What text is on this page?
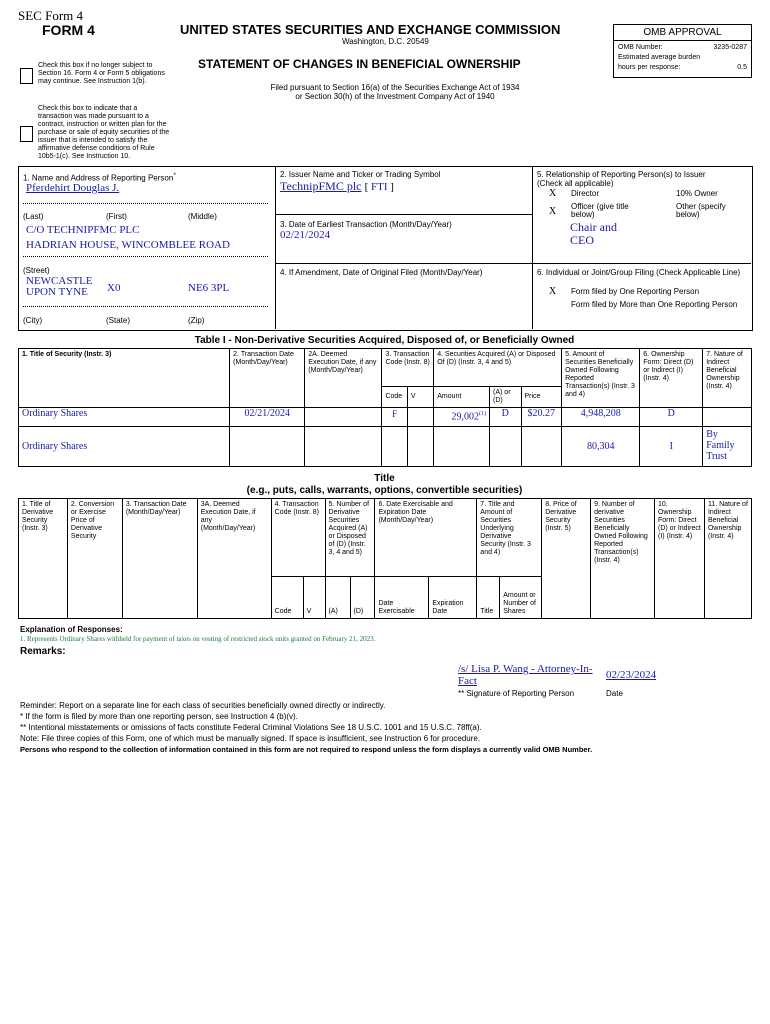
SEC Form 4
FORM 4	UNITED STATES SECURITIES AND EXCHANGE COMMISSION
Washington, D.C. 20549
STATEMENT OF CHANGES IN BENEFICIAL OWNERSHIP
Filed pursuant to Section 16(a) of the Securities Exchange Act of 1934
or Section 30(h) of the Investment Company Act of 1940
Check this box if no longer subject to Section 16. Form 4 or Form 5 obligations may continue. See Instruction 1(b).
Check this box to indicate that a transaction was made pursuant to a contract, instruction or written plan for the purchase or sale of equity securities of the issuer that is intended to satisfy the affirmative defense conditions of Rule 10b5-1(c). See Instruction 10.
OMB APPROVAL
OMB Number:	3235-0287
Estimated average burden
hours per response:	0.5
1. Name and Address of Reporting Person*
Pferdehirt Douglas J.
(Last)	(First)	(Middle)
C/O TECHNIPFMC PLC
HADRIAN HOUSE, WINCOMBLEE ROAD
(Street)
NEWCASTLE UPON TYNE	X0	NE6 3PL
(City)	(State)	(Zip)
2. Issuer Name and Ticker or Trading Symbol
TechnipFMC plc [ FTI ]
3. Date of Earliest Transaction (Month/Day/Year)
02/21/2024
4. If Amendment, Date of Original Filed (Month/Day/Year)
5. Relationship of Reporting Person(s) to Issuer
(Check all applicable)
X Director	10% Owner
X Officer (give title below)
Other (specify below)
Chair and CEO
6. Individual or Joint/Group Filing (Check Applicable Line)
X Form filed by One Reporting Person
Form filed by More than One Reporting Person
Table I - Non-Derivative Securities Acquired, Disposed of, or Beneficially Owned
1. Title of Security (Instr. 3)	2. Transaction Date (Month/Day/Year)	2A. Deemed Execution Date, if any (Month/Day/Year)	3. Transaction Code (Instr. 8)		4. Securities Acquired (A) or Disposed Of (D) (Instr. 3, 4 and 5)			5. Amount of Securities Beneficially Owned Following Reported Transaction(s) (Instr. 3 and 4)	6. Ownership Form: Direct (D) or Indirect (I) (Instr. 4)	7. Nature of Indirect Beneficial Ownership (Instr. 4)
			Code	V	Amount	(A) or (D)	Price			
Ordinary Shares	02/21/2024		F		29,002$^{(1)}$	D	$20.27	4,948,208	D	
Ordinary Shares								80,304	I	By Family Trust
Title
(e.g., puts, calls, warrants, options, convertible securities)
1. Title of Derivative Security (Instr. 3)	2. Conversion or Exercise Price of Derivative Security	3. Transaction Date (Month/Day/Year)	3A. Deemed Execution Date, if any (Month/Day/Year)	4. Transaction Code (Instr. 8)		5. Number of Derivative Securities Acquired (A) or Disposed of (D) (Instr. 3, 4 and 5)		6. Date Exercisable and Expiration Date (Month/Day/Year)		7. Title and Amount of Securities Underlying Derivative Security (Instr. 3 and 4)		8. Price of Derivative Security (Instr. 5)	9. Number of derivative Securities Beneficially Owned Following Reported Transaction(s) (Instr. 4)	10. Ownership Form: Direct (D) or Indirect (I) (Instr. 4)	11. Nature of Indirect Beneficial Ownership (Instr. 4)
				Code	V	(A)	(D)	Date Exercisable	Expiration Date	Title	Amount or Number of Shares				
Explanation of Responses:
1. Represents Ordinary Shares withheld for payment of taxes on vesting of restricted stock units granted on February 21, 2023.
Remarks:
/s/ Lisa P. Wang - Attorney-In-Fact	02/23/2024
** Signature of Reporting Person	Date
Reminder: Report on a separate line for each class of securities beneficially owned directly or indirectly.
* If the form is filed by more than one reporting person, see Instruction 4 (b)(v).
** Intentional misstatements or omissions of facts constitute Federal Criminal Violations See 18 U.S.C. 1001 and 15 U.S.C. 78ff(a).
Note: File three copies of this Form, one of which must be manually signed. If space is insufficient, see Instruction 6 for procedure.
Persons who respond to the collection of information contained in this form are not required to respond unless the form displays a currently valid OMB Number.
